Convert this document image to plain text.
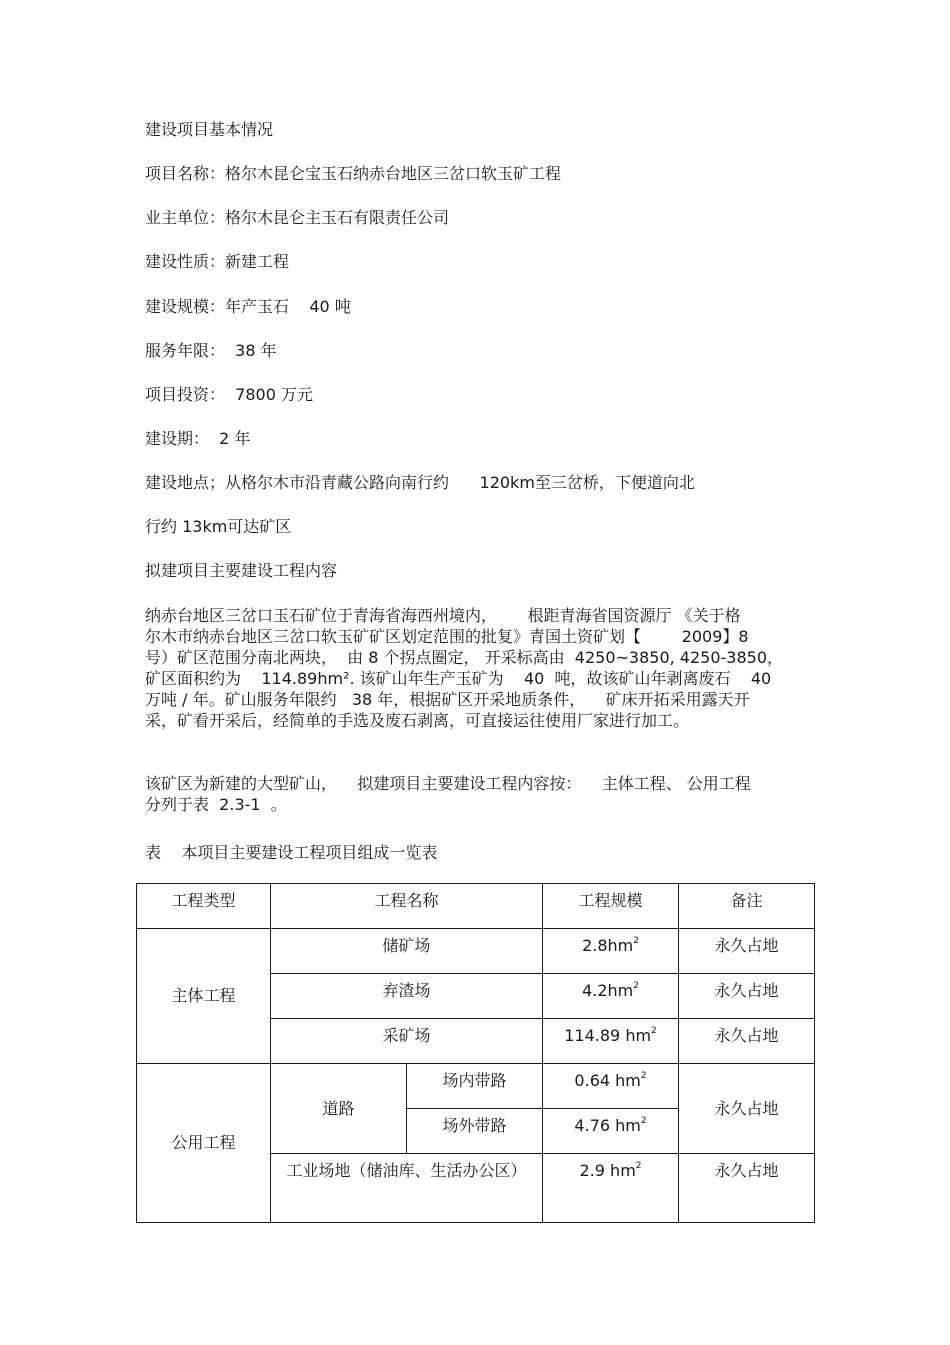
建设项目基本情况
项目名称：格尔木昆仑宝玉石纳赤台地区三岔口软玉矿工程
业主单位：格尔木昆仑主玉石有限责任公司
建设性质：新建工程
建设规模：年产玉石    40 吨
服务年限：  38 年
项目投资：  7800 万元
建设期：  2 年
建设地点；从格尔木市沿青藏公路向南行约      120km至三岔桥，下便道向北
行约 13km可达矿区
拟建项目主要建设工程内容
纳赤台地区三岔口玉石矿位于青海省海西州境内，      根距青海省国资源厅 《关于格
尔木市纳赤台地区三岔口软玉矿矿区划定范围的批复》青国土资矿划【        2009】8
号）矿区范围分南北两块，  由 8 个拐点圈定， 开采标高由  4250~3850, 4250-3850，
矿区面积约为    114.89hm². 该矿山年生产玉矿为    40  吨，故该矿山年剥离废石    40
万吨 / 年。矿山服务年限约   38 年，根据矿区开采地质条件，    矿床开拓采用露天开
采，矿看开采后，经简单的手选及废石剥离，可直接运往使用厂家进行加工。
该矿区为新建的大型矿山，    拟建项目主要建设工程内容按：    主体工程、 公用工程
分列于表  2.3-1  。
表    本项目主要建设工程项目组成一览表
工程类型	工程名称		工程规模	备注
主体工程	储矿场		$2.8hm^2$	永久占地
	弃渣场		$4.2hm^2$	永久占地
	采矿场		114.89 $hm^2$	永久占地
公用工程	道路	场内带路	0.64 $hm^2$	永久占地
		场外带路	4.76 $hm^2$
	工业场地（储油库、生活办公区）		2.9 $hm^2$	永久占地
